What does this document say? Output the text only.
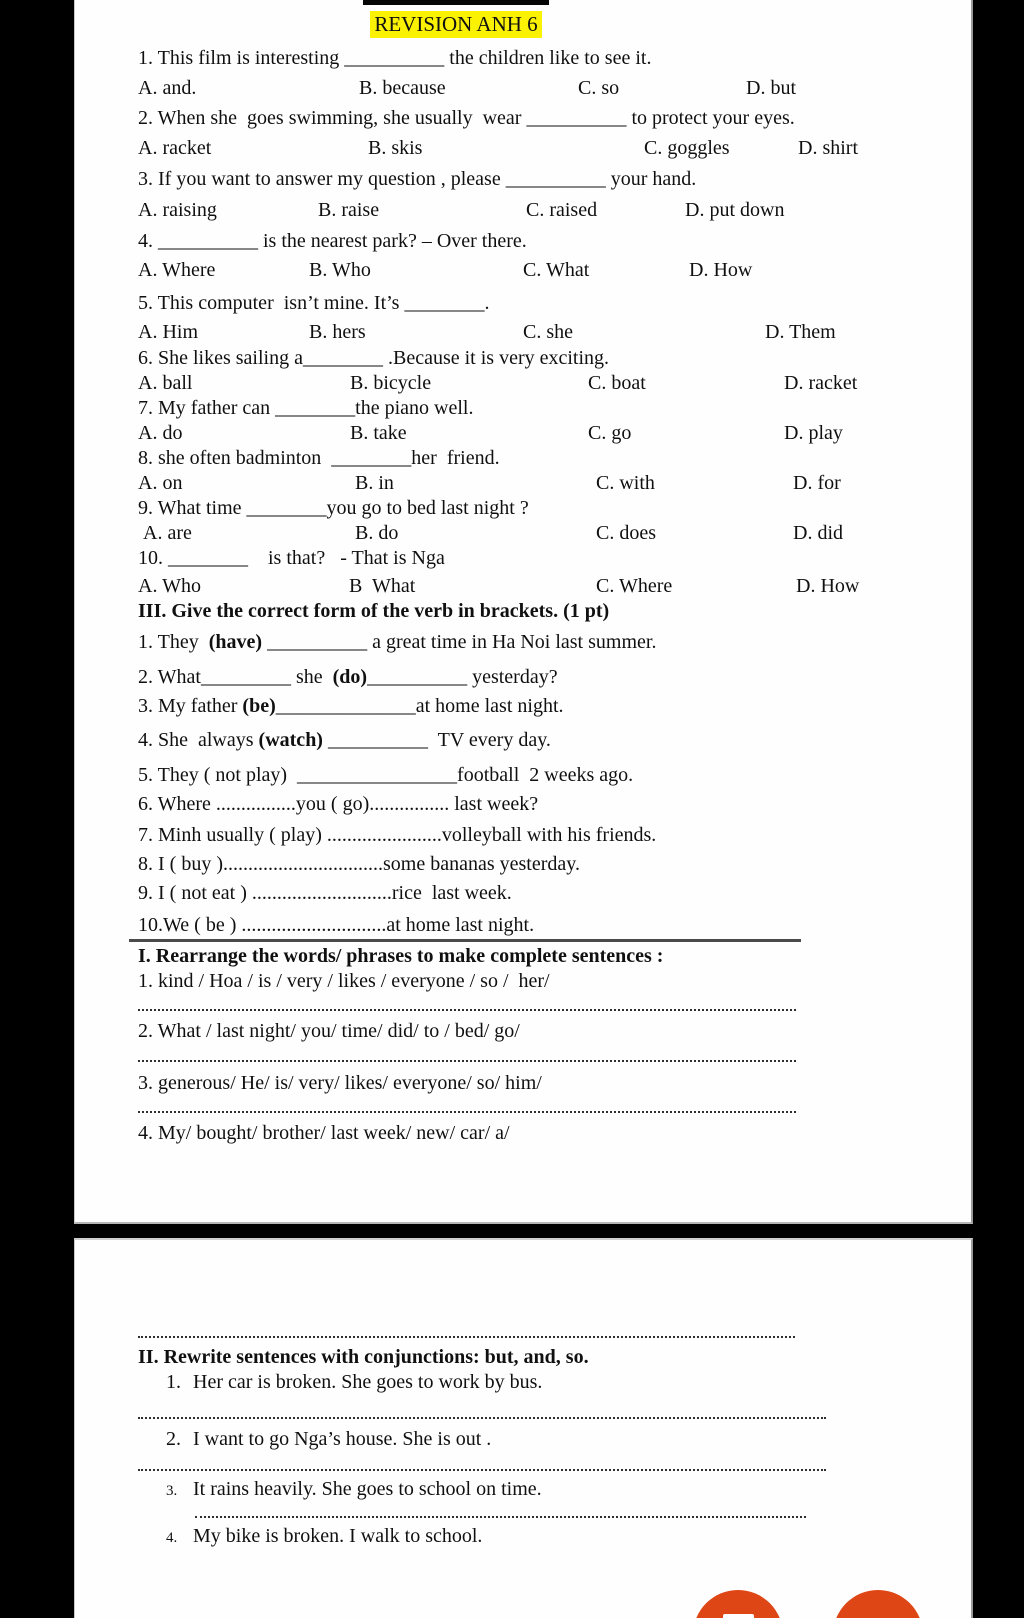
REVISION ANH 6
1. This film is interesting __________ the children like to see it.
A. and.	B. because	C. so	D. but
2. When she  goes swimming, she usually  wear __________ to protect your eyes.
A. racket	B. skis	C. goggles	D. shirt
3. If you want to answer my question , please __________ your hand.
A. raising	B. raise	C. raised	D. put down
4. __________ is the nearest park? – Over there.
A. Where	B. Who	C. What	D. How
5. This computer  isn’t mine. It’s ________.
A. Him	B. hers	C. she	D. Them
6. She likes sailing a________ .Because it is very exciting.
A. ball	B. bicycle	C. boat	D. racket
7. My father can ________the piano well.
A. do	B. take	C. go	D. play
8. she often badminton  ________her  friend.
A. on	B. in	C. with	D. for
9. What time ________you go to bed last night ?
A. are	B. do	C. does	D. did
10. ________    is that?   - That is Nga
A. Who	B  What	C. Where	D. How
III. Give the correct form of the verb in brackets. (1 pt)
1. They  (have) __________ a great time in Ha Noi last summer.
2. What_________ she  (do)__________ yesterday?
3. My father (be)______________at home last night.
4. She  always (watch) __________  TV every day.
5. They ( not play)  ________________football  2 weeks ago.
6. Where ................you ( go)................ last week?
7. Minh usually ( play) .......................volleyball with his friends.
8. I ( buy )................................some bananas yesterday.
9. I ( not eat ) ............................rice  last week.
10.We ( be ) .............................at home last night.
I. Rearrange the words/ phrases to make complete sentences :
1. kind / Hoa / is / very / likes / everyone / so /  her/
2. What / last night/ you/ time/ did/ to / bed/ go/
3. generous/ He/ is/ very/ likes/ everyone/ so/ him/
4. My/ bought/ brother/ last week/ new/ car/ a/
II. Rewrite sentences with conjunctions: but, and, so.
1. Her car is broken. She goes to work by bus.
2. I want to go Nga’s house. She is out .
3. It rains heavily. She goes to school on time.
4. My bike is broken. I walk to school.
